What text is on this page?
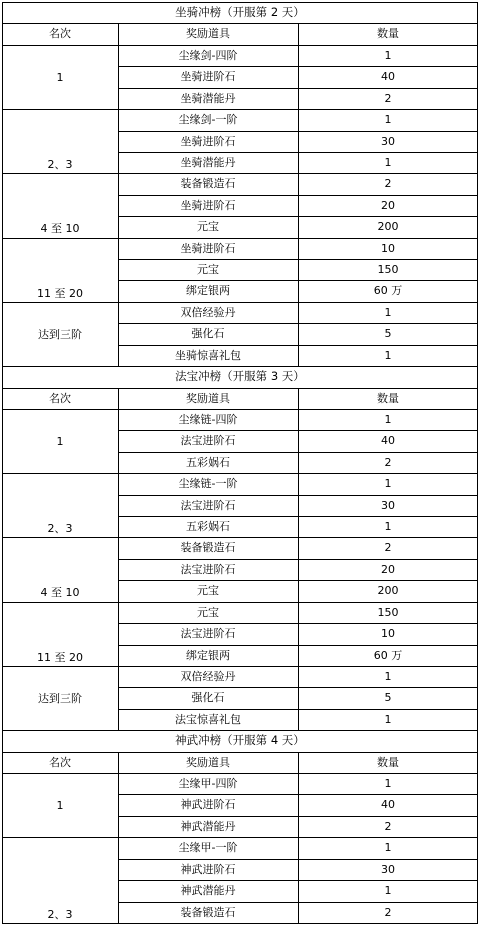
坐骑冲榜（开服第 2 天）
名次	奖励道具	数量
1
尘缘剑-四阶	1
坐骑进阶石	40
坐骑潜能丹	2
2、3
尘缘剑-一阶	1
坐骑进阶石	30
坐骑潜能丹	1
4 至 10
装备锻造石	2
坐骑进阶石	20
元宝	200
11 至 20
坐骑进阶石	10
元宝	150
绑定银两	60 万
达到三阶
双倍经验丹	1
强化石	5
坐骑惊喜礼包	1
法宝冲榜（开服第 3 天）
名次	奖励道具	数量
1
尘缘链-四阶	1
法宝进阶石	40
五彩娲石	2
2、3
尘缘链-一阶	1
法宝进阶石	30
五彩娲石	1
4 至 10
装备锻造石	2
法宝进阶石	20
元宝	200
11 至 20
元宝	150
法宝进阶石	10
绑定银两	60 万
达到三阶
双倍经验丹	1
强化石	5
法宝惊喜礼包	1
神武冲榜（开服第 4 天）
名次	奖励道具	数量
1
尘缘甲-四阶	1
神武进阶石	40
神武潜能丹	2
2、3
尘缘甲-一阶	1
神武进阶石	30
神武潜能丹	1
装备锻造石	2
